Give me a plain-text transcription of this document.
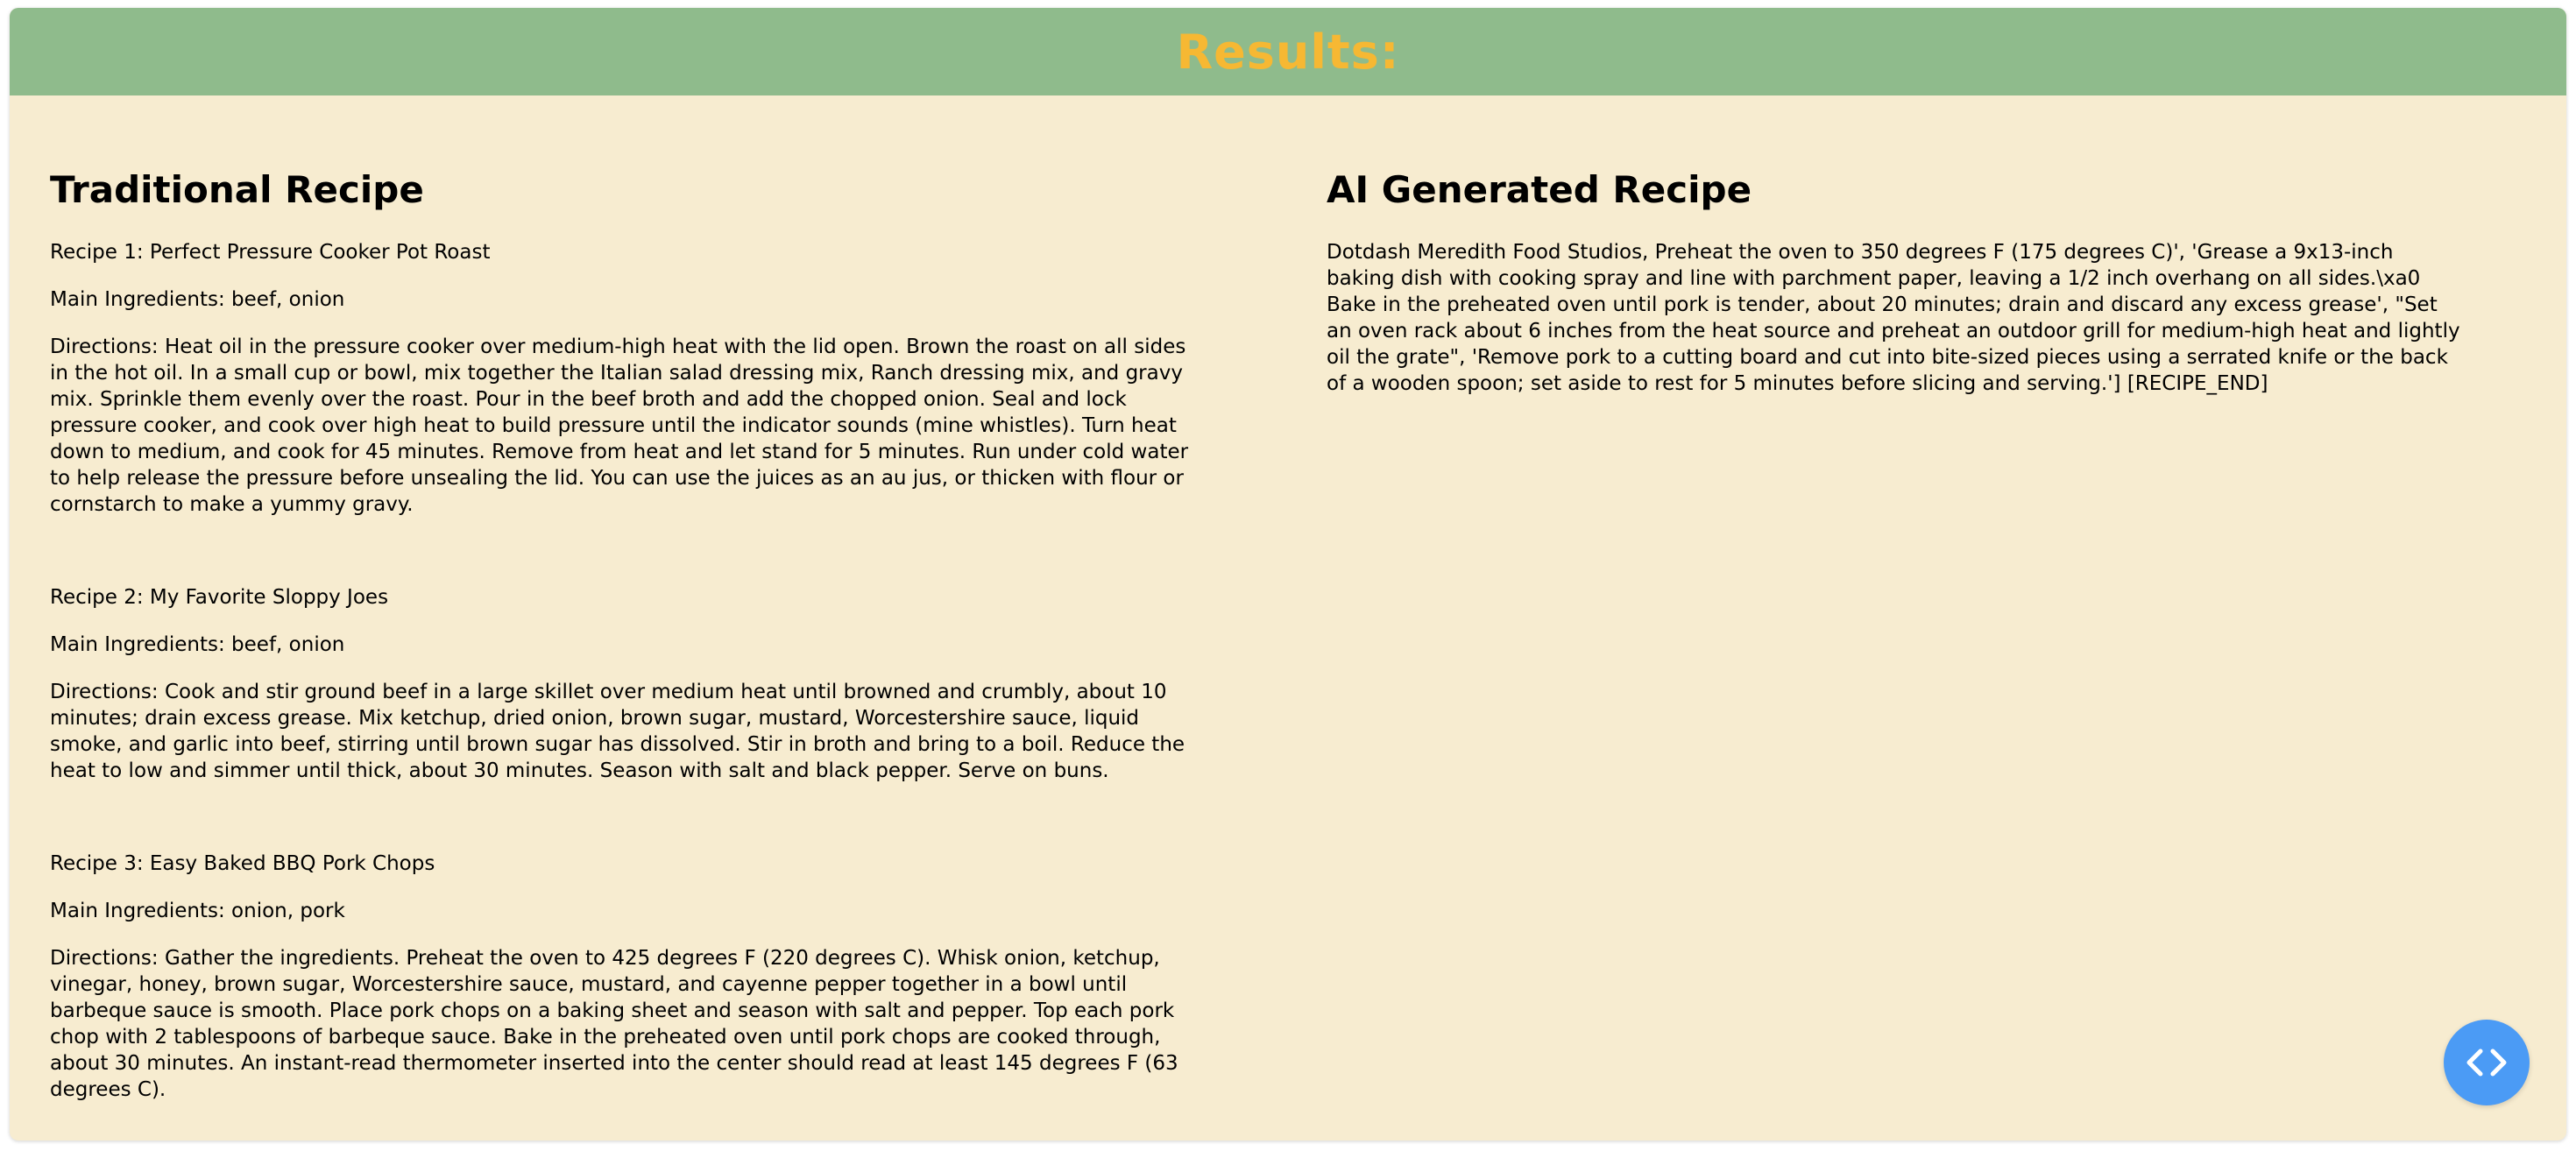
Results:
Traditional Recipe

Recipe 1: Perfect Pressure Cooker Pot Roast

Main Ingredients: beef, onion

Directions: Heat oil in the pressure cooker over medium-high heat with the lid open. Brown the roast on all sides in the hot oil. In a small cup or bowl, mix together the Italian salad dressing mix, Ranch dressing mix, and gravy mix. Sprinkle them evenly over the roast. Pour in the beef broth and add the chopped onion. Seal and lock pressure cooker, and cook over high heat to build pressure until the indicator sounds (mine whistles). Turn heat down to medium, and cook for 45 minutes. Remove from heat and let stand for 5 minutes. Run under cold water to help release the pressure before unsealing the lid. You can use the juices as an au jus, or thicken with flour or cornstarch to make a yummy gravy.

Recipe 2: My Favorite Sloppy Joes

Main Ingredients: beef, onion

Directions: Cook and stir ground beef in a large skillet over medium heat until browned and crumbly, about 10 minutes; drain excess grease. Mix ketchup, dried onion, brown sugar, mustard, Worcestershire sauce, liquid smoke, and garlic into beef, stirring until brown sugar has dissolved. Stir in broth and bring to a boil. Reduce the heat to low and simmer until thick, about 30 minutes. Season with salt and black pepper. Serve on buns.

Recipe 3: Easy Baked BBQ Pork Chops

Main Ingredients: onion, pork

Directions: Gather the ingredients. Preheat the oven to 425 degrees F (220 degrees C). Whisk onion, ketchup, vinegar, honey, brown sugar, Worcestershire sauce, mustard, and cayenne pepper together in a bowl until barbeque sauce is smooth. Place pork chops on a baking sheet and season with salt and pepper. Top each pork chop with 2 tablespoons of barbeque sauce. Bake in the preheated oven until pork chops are cooked through, about 30 minutes. An instant-read thermometer inserted into the center should read at least 145 degrees F (63 degrees C).

AI Generated Recipe

Dotdash Meredith Food Studios, Preheat the oven to 350 degrees F (175 degrees C)', 'Grease a 9x13-inch baking dish with cooking spray and line with parchment paper, leaving a 1/2 inch overhang on all sides.\xa0 Bake in the preheated oven until pork is tender, about 20 minutes; drain and discard any excess grease', "Set an oven rack about 6 inches from the heat source and preheat an outdoor grill for medium-high heat and lightly oil the grate", 'Remove pork to a cutting board and cut into bite-sized pieces using a serrated knife or the back of a wooden spoon; set aside to rest for 5 minutes before slicing and serving.'] [RECIPE_END]
